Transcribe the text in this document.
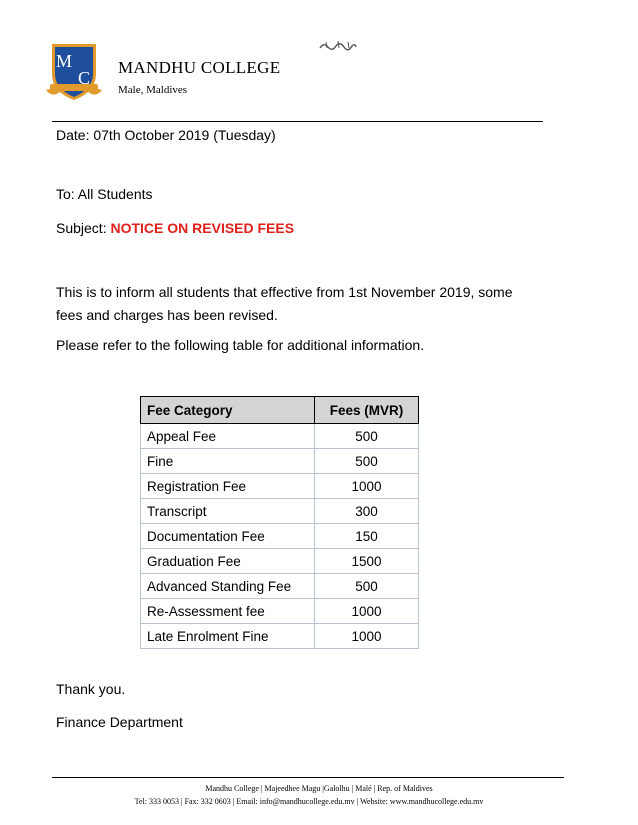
M
C
MANDHU COLLEGE
Male, Maldives
Date: 07th October 2019 (Tuesday)
To: All Students
Subject: NOTICE ON REVISED FEES
This is to inform all students that effective from 1st November 2019, some
fees and charges has been revised.
Please refer to the following table for additional information.
Fee Category	Fees (MVR)
Appeal Fee	500
Fine	500
Registration Fee	1000
Transcript	300
Documentation Fee	150
Graduation Fee	1500
Advanced Standing Fee	500
Re-Assessment fee	1000
Late Enrolment Fine	1000
Thank you.
Finance Department
Mandhu College | Majeedhee Magu |Galolhu | Malé | Rep. of Maldives
Tel: 333 0053 | Fax: 332 0603 | Email: info@mandhucollege.edu.mv | Website: www.mandhucollege.edu.mv
